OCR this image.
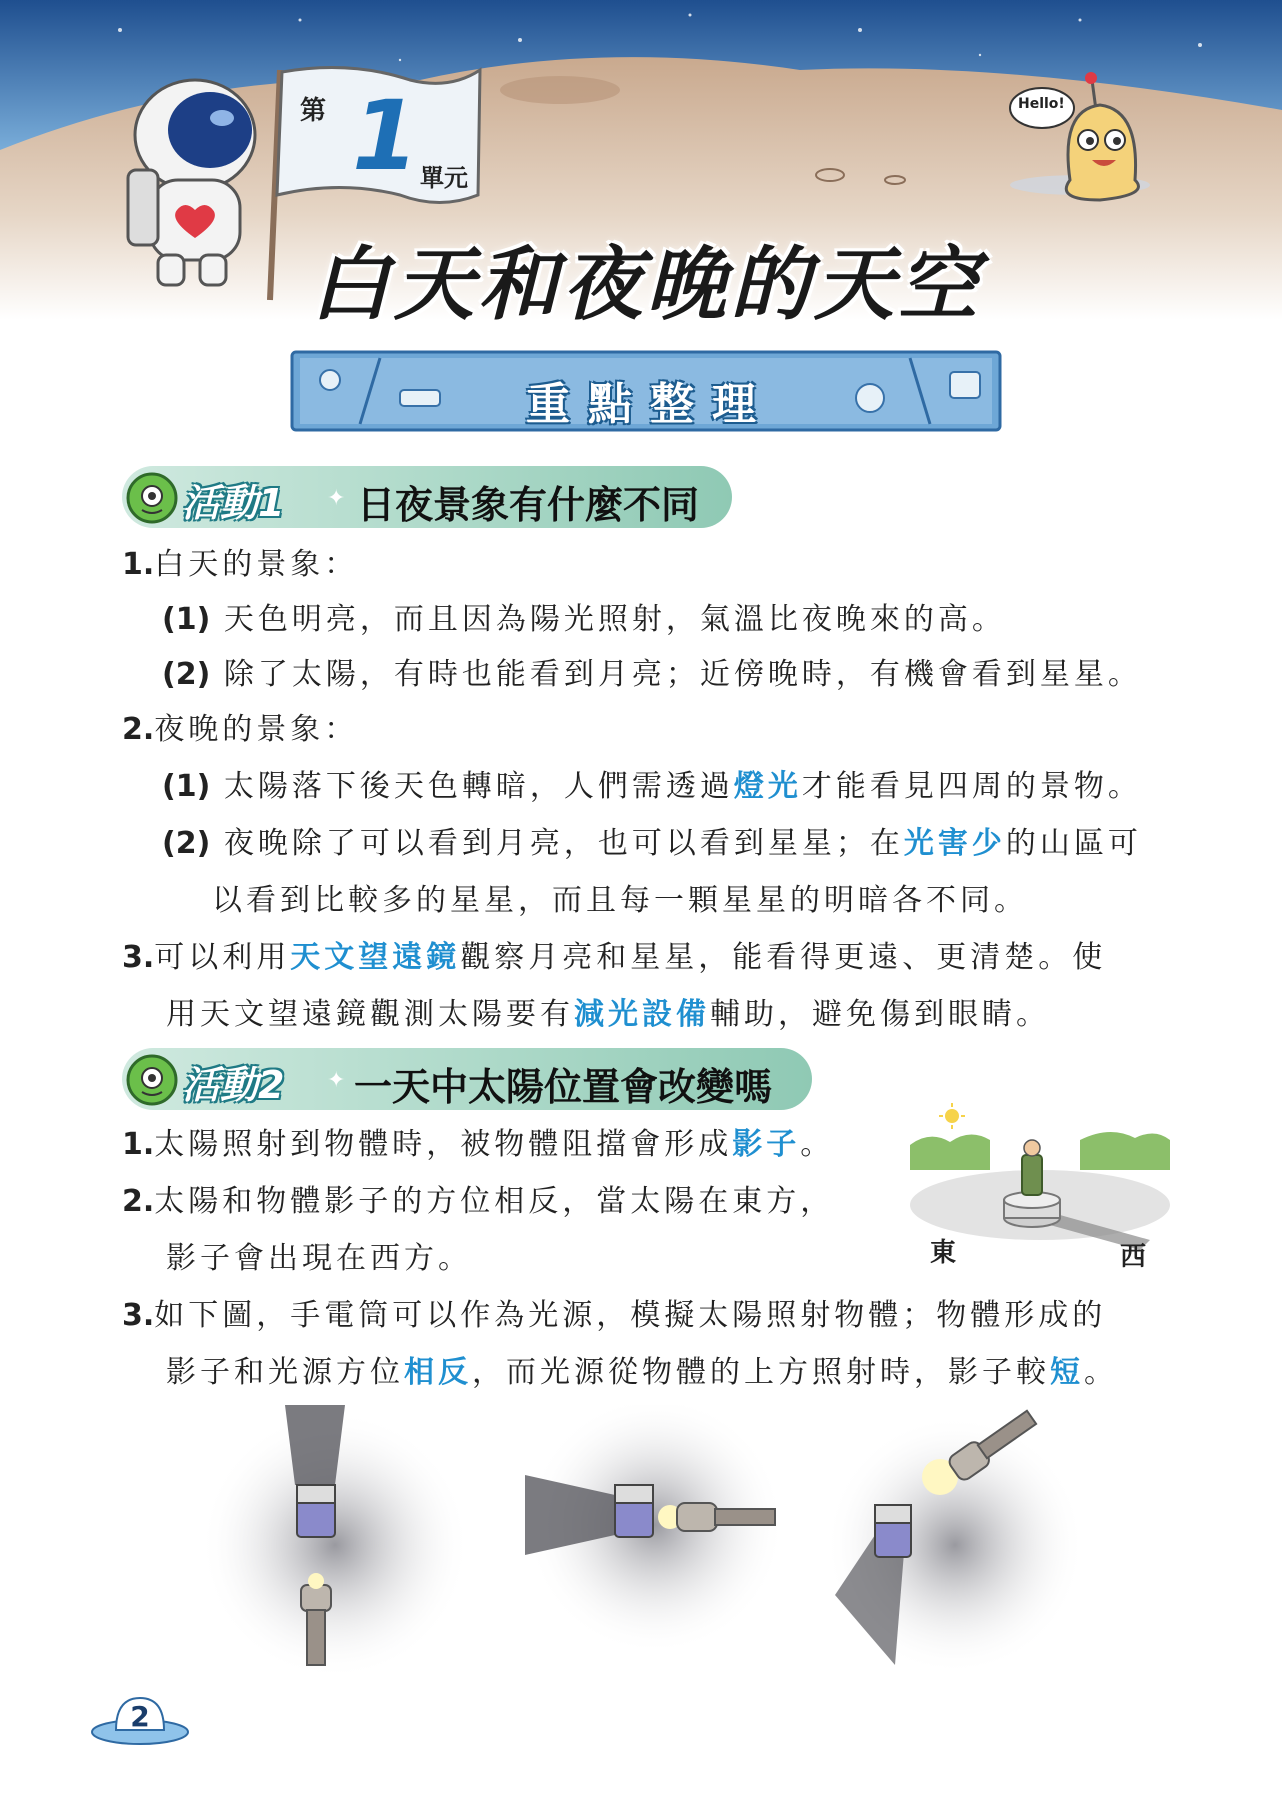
第 1 單元
Hello!
白天和夜晚的天空
重點整理
活動1 ✦ 日夜景象有什麼不同
1.白天的景象：
(1) 天色明亮，而且因為陽光照射，氣溫比夜晚來的高。
(2) 除了太陽，有時也能看到月亮；近傍晚時，有機會看到星星。
2.夜晚的景象：
(1) 太陽落下後天色轉暗，人們需透過燈光才能看見四周的景物。
(2) 夜晚除了可以看到月亮，也可以看到星星；在光害少的山區可
以看到比較多的星星，而且每一顆星星的明暗各不同。
3.可以利用天文望遠鏡觀察月亮和星星，能看得更遠、更清楚。使
用天文望遠鏡觀測太陽要有減光設備輔助，避免傷到眼睛。
活動2 ✦ 一天中太陽位置會改變嗎
1.太陽照射到物體時，被物體阻擋會形成影子。
2.太陽和物體影子的方位相反，當太陽在東方，
影子會出現在西方。	東	西
3.如下圖，手電筒可以作為光源，模擬太陽照射物體；物體形成的
影子和光源方位相反，而光源從物體的上方照射時，影子較短。
2
